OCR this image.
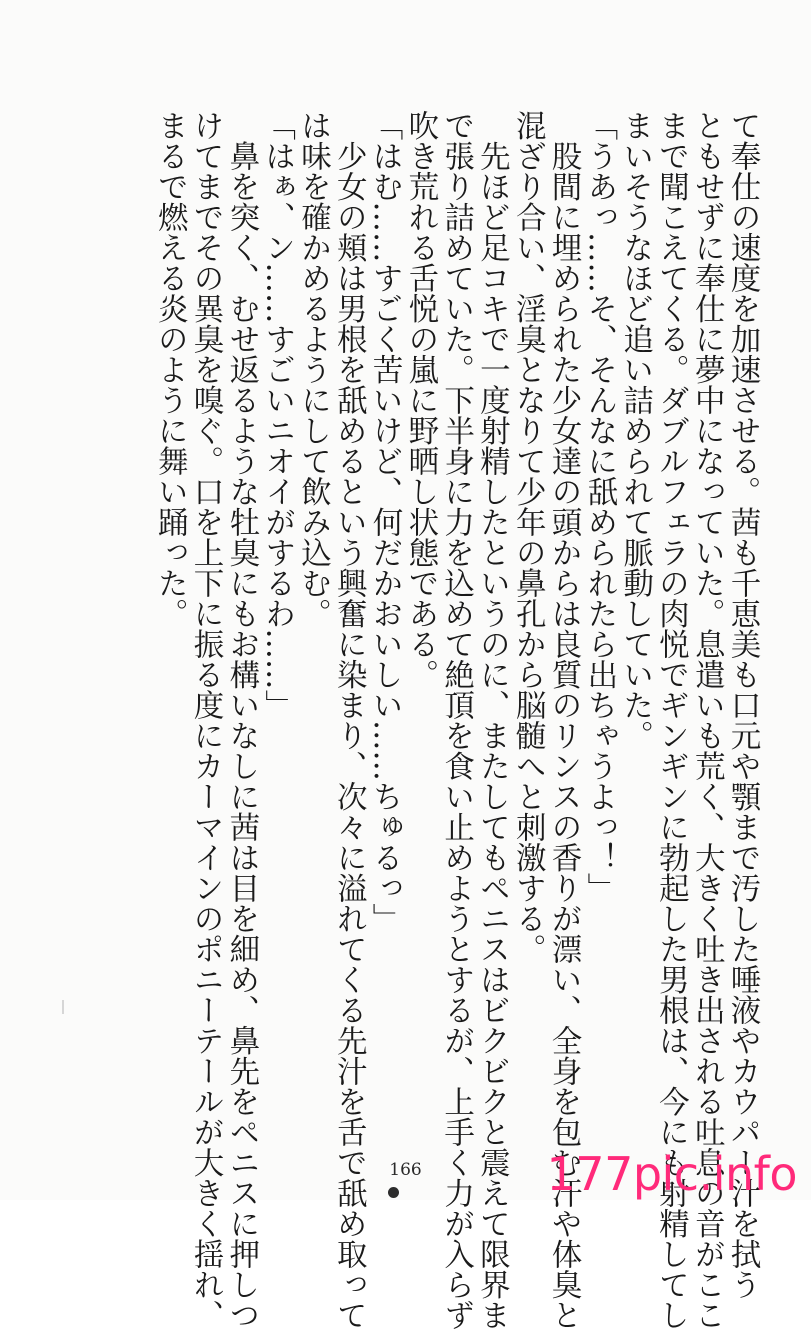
て奉仕の速度を加速させる。茜も千恵美も口元や顎まで汚した唾液やカウパー汁を拭う
ともせずに奉仕に夢中になっていた。息遣いも荒く、大きく吐き出される吐息の音がここ
まで聞こえてくる。ダブルフェラの肉悦でギンギンに勃起した男根は、今にも射精してし
まいそうなほど追い詰められて脈動していた。
「うあっ……そ、そんなに舐められたら出ちゃうよっ！」
　股間に埋められた少女達の頭からは良質のリンスの香りが漂い、全身を包む汗や体臭と
混ざり合い、淫臭となりて少年の鼻孔から脳髄へと刺激する。
　先ほど足コキで一度射精したというのに、またしてもペニスはビクビクと震えて限界ま
で張り詰めていた。下半身に力を込めて絶頂を食い止めようとするが、上手く力が入らず
吹き荒れる舌悦の嵐に野晒し状態である。
「はむ……すごく苦いけど、何だかおいしい……ちゅるっ」
　少女の頬は男根を舐めるという興奮に染まり、次々に溢れてくる先汁を舌で舐め取って
は味を確かめるようにして飲み込む。
「はぁ、ン……すごいニオイがするわ……」
　鼻を突く、むせ返るような牡臭にもお構いなしに茜は目を細め、鼻先をペニスに押しつ
けてまでその異臭を嗅ぐ。口を上下に振る度にカーマインのポニーテールが大きく揺れ、
まるで燃える炎のように舞い踊った。
166	177pic.info
